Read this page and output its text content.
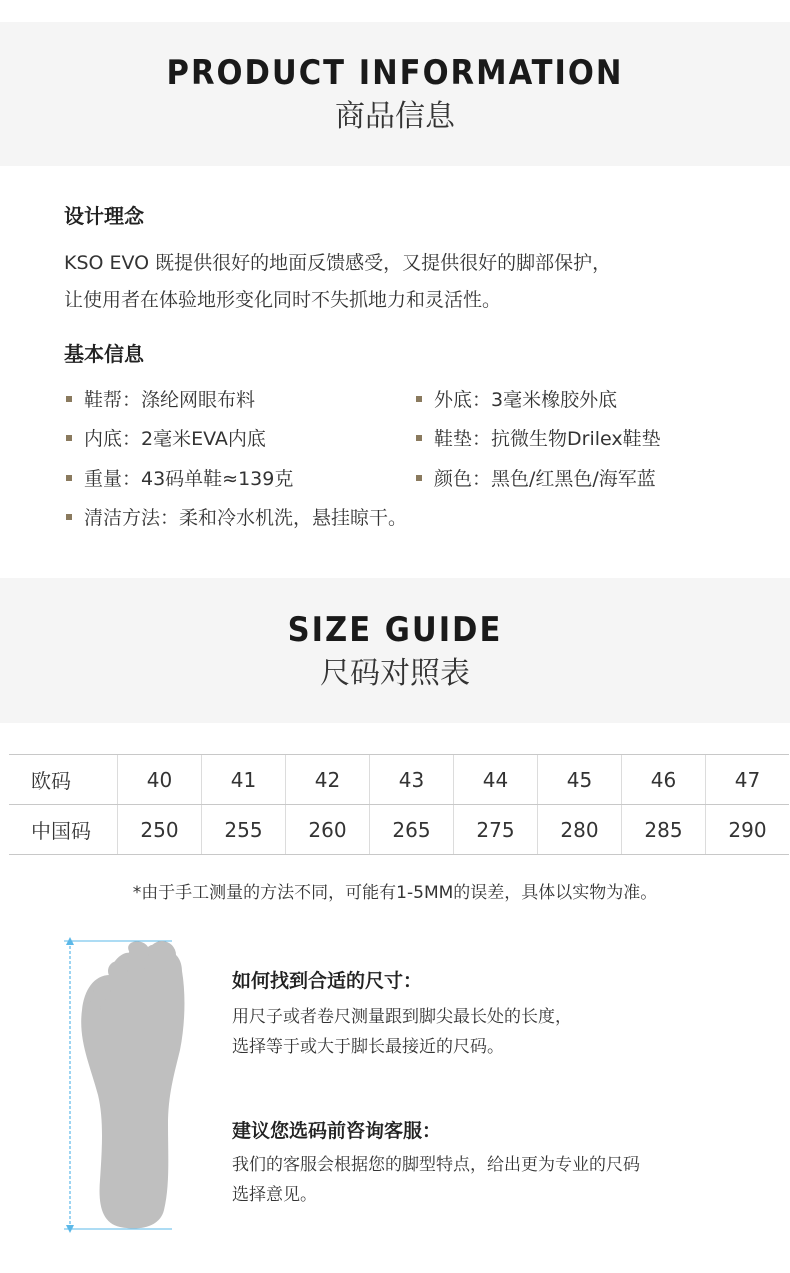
PRODUCT INFORMATION
商品信息
设计理念
KSO EVO 既提供很好的地面反馈感受，又提供很好的脚部保护，
让使用者在体验地形变化同时不失抓地力和灵活性。
基本信息
鞋帮：涤纶网眼布料	外底：3毫米橡胶外底
内底：2毫米EVA内底	鞋垫：抗微生物Drilex鞋垫
重量：43码单鞋≈139克	颜色：黑色/红黑色/海军蓝
清洁方法：柔和冷水机洗，悬挂晾干。
SIZE GUIDE
尺码对照表
欧码	40	41	42	43	44	45	46	47
中国码	250	255	260	265	275	280	285	290
*由于手工测量的方法不同，可能有1-5MM的误差，具体以实物为准。
如何找到合适的尺寸：
用尺子或者卷尺测量跟到脚尖最长处的长度，
选择等于或大于脚长最接近的尺码。
建议您选码前咨询客服：
我们的客服会根据您的脚型特点，给出更为专业的尺码
选择意见。
